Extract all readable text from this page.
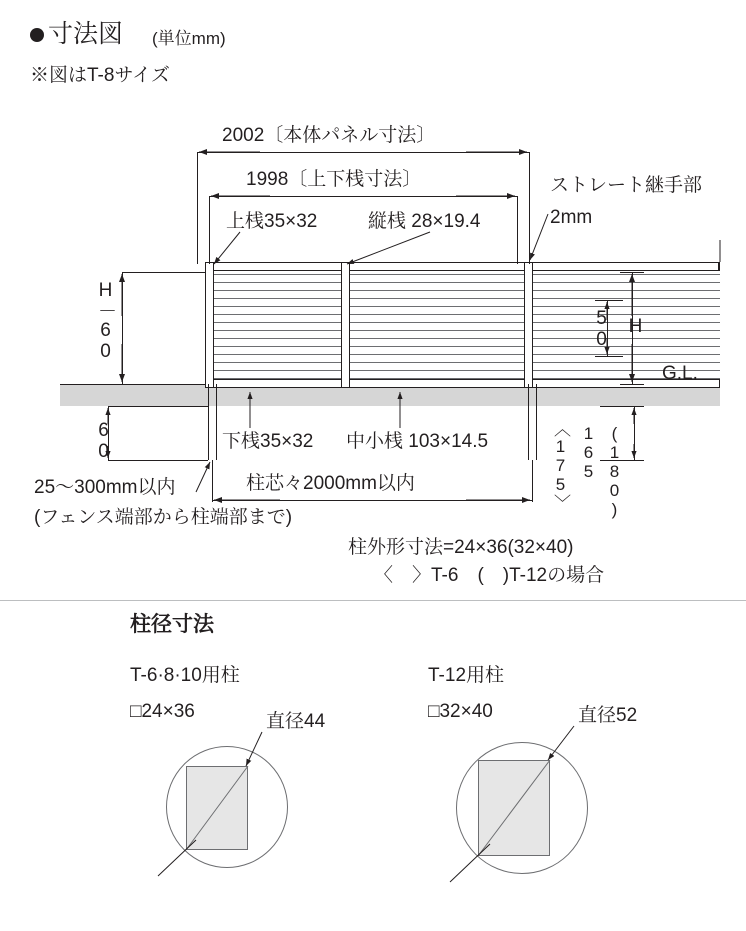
寸法図 (単位mm)
※図はT-8サイズ
2002〔本体パネル寸法〕
1998〔上下桟寸法〕
上桟35×32	縦桟 28×19.4
ストレート継手部
2mm
H－60
60
50 H
G.L.
下桟35×32 中小桟 103×14.5	〈175〉 165 (180)
柱芯々2000mm以内
25〜300mm以内
(フェンス端部から柱端部まで)
柱外形寸法=24×36(32×40)
〈　〉T-6　(　)T-12の場合
柱径寸法
T-6·8·10用柱
□24×36	直径44
T-12用柱
□32×40	直径52
